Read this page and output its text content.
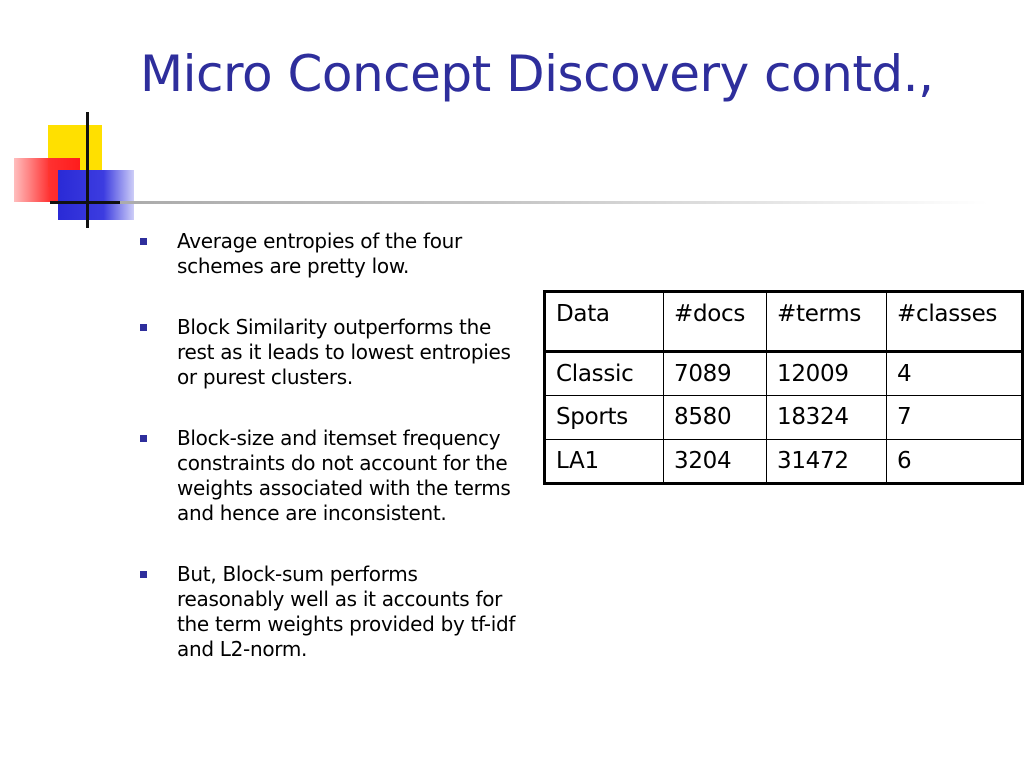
Micro Concept Discovery contd.,
Average entropies of the four schemes are pretty low.
Block Similarity outperforms the rest as it leads to lowest entropies or purest clusters.
Block-size and itemset frequency constraints do not account for the weights associated with the terms and hence are inconsistent.
But, Block-sum performs reasonably well as it accounts for the term weights provided by tf-idf and L2-norm.
Data	#docs	#terms	#classes
Classic	7089	12009	4
Sports	8580	18324	7
LA1	3204	31472	6
